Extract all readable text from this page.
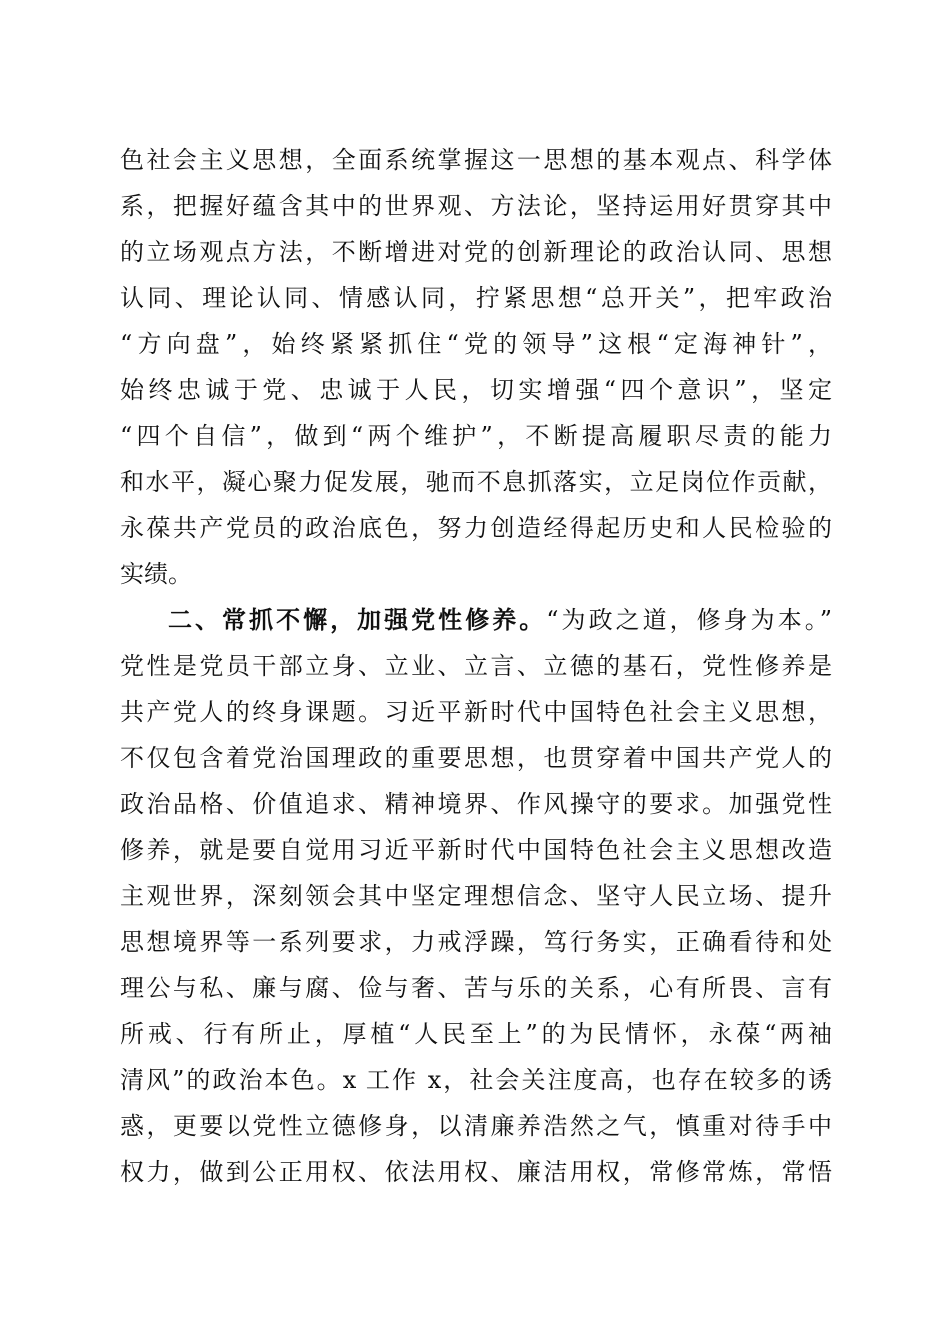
色社会主义思想，全面系统掌握这一思想的基本观点、科学体
系，把握好蕴含其中的世界观、方法论，坚持运用好贯穿其中
的立场观点方法，不断增进对党的创新理论的政治认同、思想
认同、理论认同、情感认同，拧紧思想“总开关”，把牢政治
“方向盘”，始终紧紧抓住“党的领导”这根“定海神针”，
始终忠诚于党、忠诚于人民，切实增强“四个意识”，坚定
“四个自信”，做到“两个维护”，不断提高履职尽责的能力
和水平，凝心聚力促发展，驰而不息抓落实，立足岗位作贡献，
永葆共产党员的政治底色，努力创造经得起历史和人民检验的
实绩。
二、常抓不懈，加强党性修养。“为政之道，修身为本。”
党性是党员干部立身、立业、立言、立德的基石，党性修养是
共产党人的终身课题。习近平新时代中国特色社会主义思想，
不仅包含着党治国理政的重要思想，也贯穿着中国共产党人的
政治品格、价值追求、精神境界、作风操守的要求。加强党性
修养，就是要自觉用习近平新时代中国特色社会主义思想改造
主观世界，深刻领会其中坚定理想信念、坚守人民立场、提升
思想境界等一系列要求，力戒浮躁，笃行务实，正确看待和处
理公与私、廉与腐、俭与奢、苦与乐的关系，心有所畏、言有
所戒、行有所止，厚植“人民至上”的为民情怀，永葆“两袖
清风”的政治本色。x 工作 x，社会关注度高，也存在较多的诱
惑，更要以党性立德修身，以清廉养浩然之气，慎重对待手中
权力，做到公正用权、依法用权、廉洁用权，常修常炼，常悟
